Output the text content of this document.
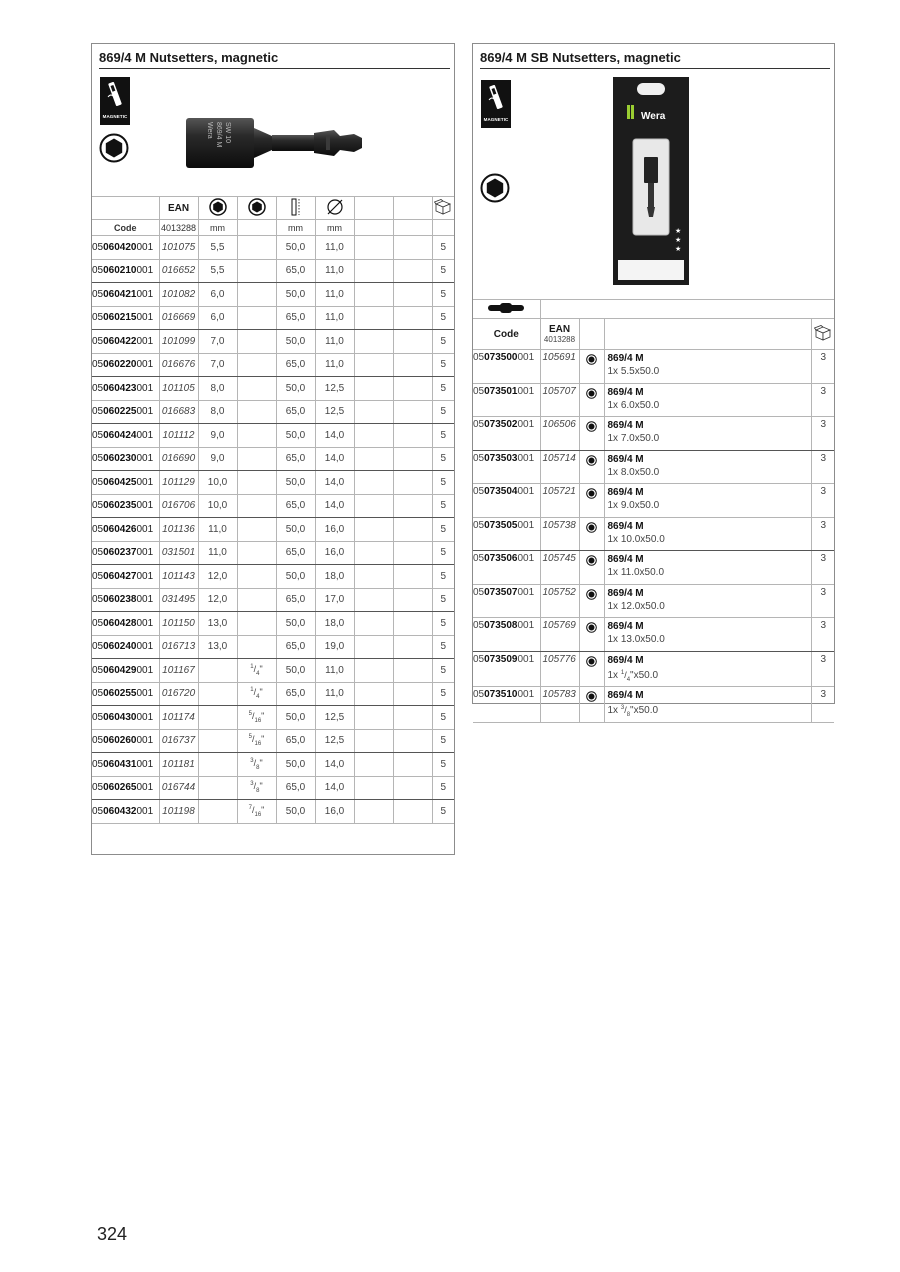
869/4 M Nutsetters, magnetic
MAGNETIC
Wera 869/4 M SW 10
	EAN							
Code	4013288	mm		mm	mm			
05060420001	101075	5,5		50,0	11,0			5
05060210001	016652	5,5		65,0	11,0			5
05060421001	101082	6,0		50,0	11,0			5
05060215001	016669	6,0		65,0	11,0			5
05060422001	101099	7,0		50,0	11,0			5
05060220001	016676	7,0		65,0	11,0			5
05060423001	101105	8,0		50,0	12,5			5
05060225001	016683	8,0		65,0	12,5			5
05060424001	101112	9,0		50,0	14,0			5
05060230001	016690	9,0		65,0	14,0			5
05060425001	101129	10,0		50,0	14,0			5
05060235001	016706	10,0		65,0	14,0			5
05060426001	101136	11,0		50,0	16,0			5
05060237001	031501	11,0		65,0	16,0			5
05060427001	101143	12,0		50,0	18,0			5
05060238001	031495	12,0		65,0	17,0			5
05060428001	101150	13,0		50,0	18,0			5
05060240001	016713	13,0		65,0	19,0			5
05060429001	101167		$^1/_4$"	50,0	11,0			5
05060255001	016720		$^1/_4$"	65,0	11,0			5
05060430001	101174		$^5/_{16}$"	50,0	12,5			5
05060260001	016737		$^5/_{16}$"	65,0	12,5			5
05060431001	101181		$^3/_8$"	50,0	14,0			5
05060265001	016744		$^3/_8$"	65,0	14,0			5
05060432001	101198		$^7/_{16}$"	50,0	16,0			5
869/4 M SB Nutsetters, magnetic
MAGNETIC	Wera
★
★
★

Code	EAN
4013288

05073500001	105691		869/4 M
1x 5.5x50.0	3
05073501001	105707		869/4 M
1x 6.0x50.0	3
05073502001	106506		869/4 M
1x 7.0x50.0	3
05073503001	105714		869/4 M
1x 8.0x50.0	3
05073504001	105721		869/4 M
1x 9.0x50.0	3
05073505001	105738		869/4 M
1x 10.0x50.0	3
05073506001	105745		869/4 M
1x 11.0x50.0	3
05073507001	105752		869/4 M
1x 12.0x50.0	3
05073508001	105769		869/4 M
1x 13.0x50.0	3
05073509001	105776		869/4 M
1x $^1/_4"x50.0$	3
05073510001	105783		869/4 M
1x $^3/_8"x50.0$	3
324
